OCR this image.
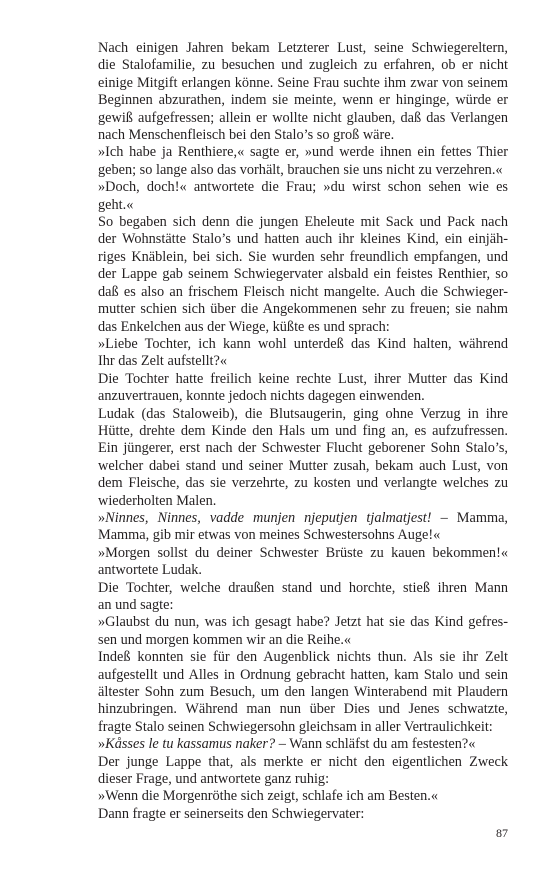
Nach einigen Jahren bekam Letzterer Lust, seine Schwiegereltern,
die Stalofamilie, zu besuchen und zugleich zu erfahren, ob er nicht
einige Mitgift erlangen könne. Seine Frau suchte ihm zwar von seinem
Beginnen abzurathen, indem sie meinte, wenn er hinginge, würde er
gewiß aufgefressen; allein er wollte nicht glauben, daß das Verlangen
nach Menschenfleisch bei den Stalo’s so groß wäre.
»Ich habe ja Renthiere,« sagte er, »und werde ihnen ein fettes Thier
geben; so lange also das vorhält, brauchen sie uns nicht zu verzehren.«
»Doch, doch!« antwortete die Frau; »du wirst schon sehen wie es
geht.«
So begaben sich denn die jungen Eheleute mit Sack und Pack nach
der Wohnstätte Stalo’s und hatten auch ihr kleines Kind, ein einjäh-
riges Knäblein, bei sich. Sie wurden sehr freundlich empfangen, und
der Lappe gab seinem Schwiegervater alsbald ein feistes Renthier, so
daß es also an frischem Fleisch nicht mangelte. Auch die Schwieger-
mutter schien sich über die Angekommenen sehr zu freuen; sie nahm
das Enkelchen aus der Wiege, küßte es und sprach:
»Liebe Tochter, ich kann wohl unterdeß das Kind halten, während
Ihr das Zelt aufstellt?«
Die Tochter hatte freilich keine rechte Lust, ihrer Mutter das Kind
anzuvertrauen, konnte jedoch nichts dagegen einwenden.
Ludak (das Staloweib), die Blutsaugerin, ging ohne Verzug in ihre
Hütte, drehte dem Kinde den Hals um und fing an, es aufzufressen.
Ein jüngerer, erst nach der Schwester Flucht geborener Sohn Stalo’s,
welcher dabei stand und seiner Mutter zusah, bekam auch Lust, von
dem Fleische, das sie verzehrte, zu kosten und verlangte welches zu
wiederholten Malen.
»Ninnes, Ninnes, vadde munjen njeputjen tjalmatjest! – Mamma,
Mamma, gib mir etwas von meines Schwestersohns Auge!«
»Morgen sollst du deiner Schwester Brüste zu kauen bekommen!«
antwortete Ludak.
Die Tochter, welche draußen stand und horchte, stieß ihren Mann
an und sagte:
»Glaubst du nun, was ich gesagt habe? Jetzt hat sie das Kind gefres-
sen und morgen kommen wir an die Reihe.«
Indeß konnten sie für den Augenblick nichts thun. Als sie ihr Zelt
aufgestellt und Alles in Ordnung gebracht hatten, kam Stalo und sein
ältester Sohn zum Besuch, um den langen Winterabend mit Plaudern
hinzubringen. Während man nun über Dies und Jenes schwatzte,
fragte Stalo seinen Schwiegersohn gleichsam in aller Vertraulichkeit:
»Kåsses le tu kassamus naker? – Wann schläfst du am festesten?«
Der junge Lappe that, als merkte er nicht den eigentlichen Zweck
dieser Frage, und antwortete ganz ruhig:
»Wenn die Morgenröthe sich zeigt, schlafe ich am Besten.«
Dann fragte er seinerseits den Schwiegervater:
87
